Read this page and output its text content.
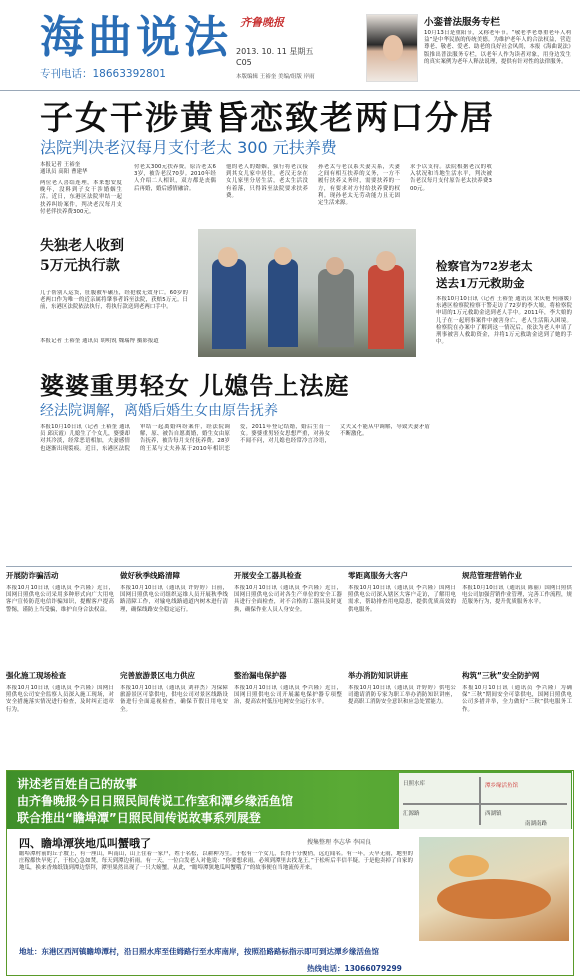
海曲说法
专刊电话：18663392801
齐鲁晚报
2013. 10. 11 星期五
C05
本版编辑 王裕奎 美编/组版 岸雨
小銮普法服务专栏
10月13日是重阳节，又称老年节。“敬老孝老尊重老年人利益”是中华民族的传统美德。为维护老年人的合法权益，营造尊老、敬老、爱老、助老的良好社会风尚，本报《海曲说法》版推出普法服务专栏，以老年人作为读者对象，用身边发生的真实案例为老年人释法说理，提供有针对性的法律服务。
子女干涉黄昏恋致老两口分居
法院判决老汉每月支付老太 300 元扶养费
本报记者 王裕奎
通讯员 高阳 曹建华
两位老人喜结连理，本来想安度晚年，没料到子女干涉婚姻生活。近日，东港区法院审结一起扶养纠纷案件，判决老汉每月支付老伴扶养费300元。
付老太300元扶养费。原告老太63岁，被告老汉70岁。2010年经人介绍二人相识，双方都是丧偶后再婚，婚后感情融洽。
他的老人的婚姻，强行将老汉接到其女儿家中居住，老汉无奈在女儿家里分居生活，老太生活没有着落，只得诉至法院要求扶养费。
孙老太与老汉系夫妻关系，夫妻之间有相互扶养的义务，一方不履行扶养义务时，需要扶养的一方，有要求对方付给扶养费的权利。现孙老太无劳动能力且无固定生活来源。
求予以支持。法院根据老汉的收入状况和当地生活水平，判决被告老汉每月支付原告老太扶养费300元。
失独老人收到
5万元执行款
儿子帮别人运货，肚腹被车碾压，经抢救无效身亡。60岁的老两口作为唯一的近亲属将肇事者诉至法院，获赔5万元。日前，东港区法院依法执行，将执行款送到老两口手中。
本报记者 王裕奎 通讯员 胡明锐 魏瑞博 摄影报道
检察官为72岁老太
送去1万元救助金
本报10月10日讯（记者 王裕奎 通讯员 宋庆艳 何丽媛）东港区检察院检察干警走访了72岁的李大娘，将检察院申请的1万元救助金送到老人手中。2011年，李大娘的儿子在一起刑事案件中被害身亡，老人生活陷入困境。检察院在办案中了解到这一情况后，依法为老人申请了刑事被害人救助资金，并将1万元救助金送到了她的手中。
婆婆重男轻女 儿媳告上法庭
经法院调解，离婚后婚生女由原告抚养
本报10月10日讯（记者 王裕奎 通讯员 邱庆霞）儿媳生了个女儿，婆婆却对其冷淡，经常恶语相加，夫妻感情也逐渐出现裂痕。近日，东港区法院审结一起离婚纠纷案件，经法院调解，原、被告自愿离婚，婚生女由原告抚养，被告每月支付抚养费。28岁的王某与丈夫孙某于2010年相识恋爱，2011年登记结婚，婚后生育一女。婆婆重男轻女思想严重，对孙女不闻不问，对儿媳也经常冷言冷语，丈夫又不能从中调解，导致夫妻矛盾不断激化。
开展防诈骗活动
本报10月10日讯（通讯员 李兴隆）近日，国网日照供电公司采用多种形式向广大用电客户宣传防范电信诈骗知识，提醒客户提高警惕，谨防上当受骗，维护自身合法权益。
做好秋季线路清障
本报10月10日讯（通讯员 许婷婷）日前，国网日照供电公司组织运维人员开展秋季线路清障工作，对输电线路通道内树木进行清理，确保线路安全稳定运行。
开展安全工器具检查
本报10月10日讯（通讯员 李兴隆）近日，国网日照供电公司对各生产单位的安全工器具进行全面检查，对不合格的工器具及时更换，确保作业人员人身安全。
零距离服务大客户
本报10月10日讯（通讯员 李兴隆）国网日照供电公司深入辖区大客户走访，了解用电需求，帮助排查用电隐患，提供优质高效的供电服务。
规范管理营销作业
本报10月10日讯（通讯员 陈丽）国网日照供电公司加强营销作业管理，完善工作流程，规范服务行为，提升优质服务水平。
强化施工现场检查
本报10月10日讯（通讯员 李兴隆）国网日照供电公司安全监察人员深入施工现场，对安全措施落实情况进行检查，及时纠正违章行为。
完善旅游景区电力供应
本报10月10日讯（通讯员 刘祥杰）为保障旅游景区可靠供电，供电公司对景区线路设备进行全面巡视检查，确保节假日用电安全。
整治漏电保护器
本报10月10日讯（通讯员 李兴隆）近日，国网日照供电公司开展漏电保护器专项整治，提高农村低压电网安全运行水平。
举办消防知识讲座
本报10月10日讯（通讯员 许婷婷）供电公司邀请消防专家为职工举办消防知识讲座，提高职工消防安全意识和应急处置能力。
构筑“三秋”安全防护网
本报10月10日讯（通讯员 李兴隆）为确保“三秋”期间安全可靠供电，国网日照供电公司多措并举，全力做好“三秋”供电服务工作。
讲述老百姓自己的故事
由齐鲁晚报今日日照民间传说工作室和潭乡缘活鱼馆
联合推出“瞻埠潭”日照民间传说故事系列展登
日照水库	潭乡缘活鱼馆
汇源路	西湖镇
南湖南路
四、瞻埠潭狭地瓜叫蟹哦了	搜集整理 李志华 李国良
瞻埠潭村前的丘子坡上，有一座山，叫南山，山上住着一家户，姓于名松，以耕种为生。于松有一个女儿，长得十分俊俏，远近闻名。有一年，天旱无雨，地里的庄稼都快旱死了，于松心急如焚，每天到潭边祈雨。有一天，一位白发老人对他说：“你要想求雨，必须到潭里去找龙王。”于松听后半信半疑。于是他卖掉了自家的地瓜，换来香烛纸钱到潭边祭拜，潭里果然出现了一只大螃蟹。从此，“瞻埠潭狭地瓜叫蟹哦了”的故事便在当地流传开来。
地址：东港区西河镇瞻埠潭村，沿日照水库至佳姆路行至水库南岸，按照沿路路标指示即可到达潭乡缘活鱼馆
热线电话：13066079299
